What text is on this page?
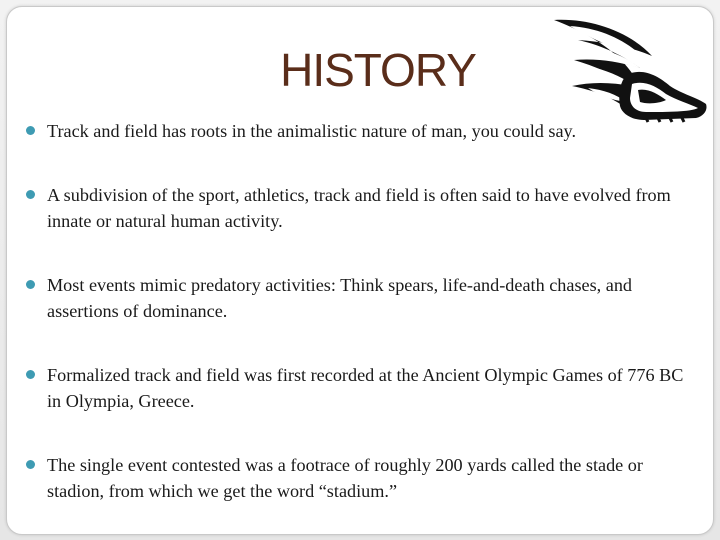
HISTORY
Track and field has roots in the animalistic nature of man, you could say.
A subdivision of the sport, athletics, track and field is often said to have evolved from innate or natural human activity.
Most events mimic predatory activities: Think spears, life-and-death chases, and assertions of dominance.
Formalized track and field was first recorded at the Ancient Olympic Games of 776 BC in Olympia, Greece.
The single event contested was a footrace of roughly 200 yards called the stade or stadion, from which we get the word “stadium.”
